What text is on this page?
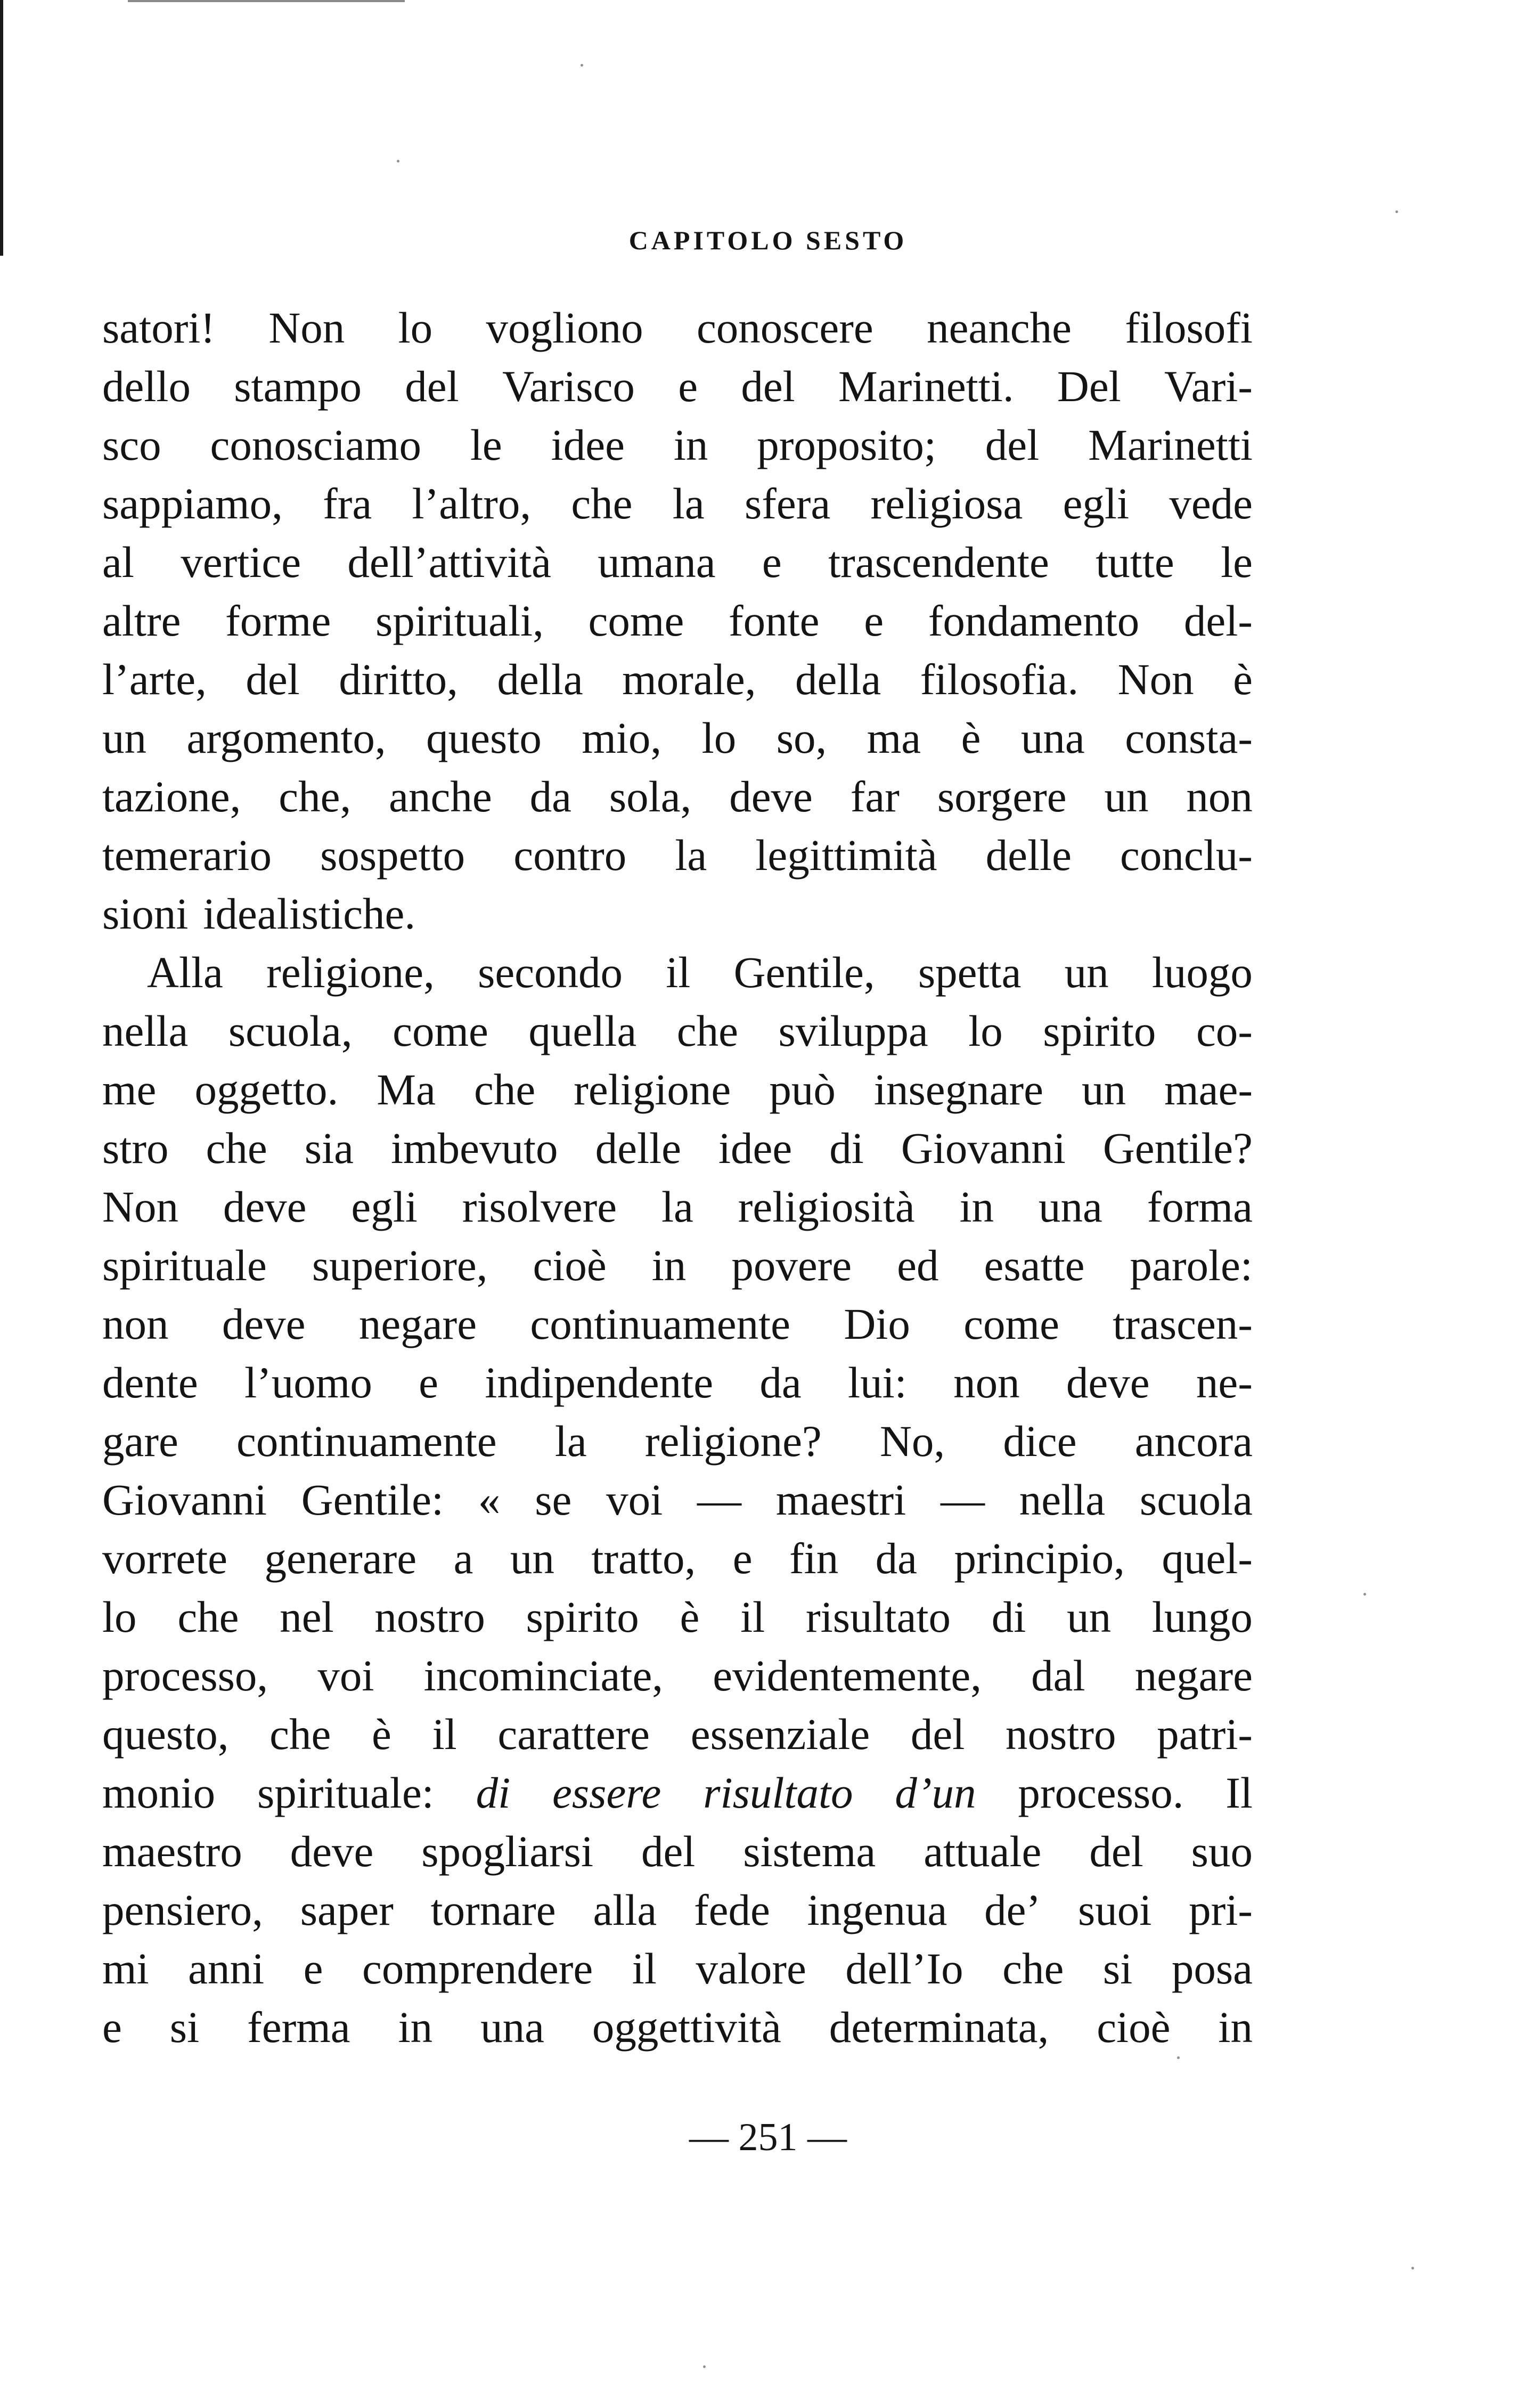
CAPITOLO SESTO
satori! Non lo vogliono conoscere neanche filosofi
dello stampo del Varisco e del Marinetti. Del Vari-
sco conosciamo le idee in proposito; del Marinetti
sappiamo, fra l’altro, che la sfera religiosa egli vede
al vertice dell’attività umana e trascendente tutte le
altre forme spirituali, come fonte e fondamento del-
l’arte, del diritto, della morale, della filosofia. Non è
un argomento, questo mio, lo so, ma è una consta-
tazione, che, anche da sola, deve far sorgere un non
temerario sospetto contro la legittimità delle conclu-
sioni idealistiche.
Alla religione, secondo il Gentile, spetta un luogo
nella scuola, come quella che sviluppa lo spirito co-
me oggetto. Ma che religione può insegnare un mae-
stro che sia imbevuto delle idee di Giovanni Gentile?
Non deve egli risolvere la religiosità in una forma
spirituale superiore, cioè in povere ed esatte parole:
non deve negare continuamente Dio come trascen-
dente l’uomo e indipendente da lui: non deve ne-
gare continuamente la religione? No, dice ancora
Giovanni Gentile: « se voi — maestri — nella scuola
vorrete generare a un tratto, e fin da principio, quel-
lo che nel nostro spirito è il risultato di un lungo
processo, voi incominciate, evidentemente, dal negare
questo, che è il carattere essenziale del nostro patri-
monio spirituale: di essere risultato d’un processo. Il
maestro deve spogliarsi del sistema attuale del suo
pensiero, saper tornare alla fede ingenua de’ suoi pri-
mi anni e comprendere il valore dell’Io che si posa
e si ferma in una oggettività determinata, cioè in

— 251 —
